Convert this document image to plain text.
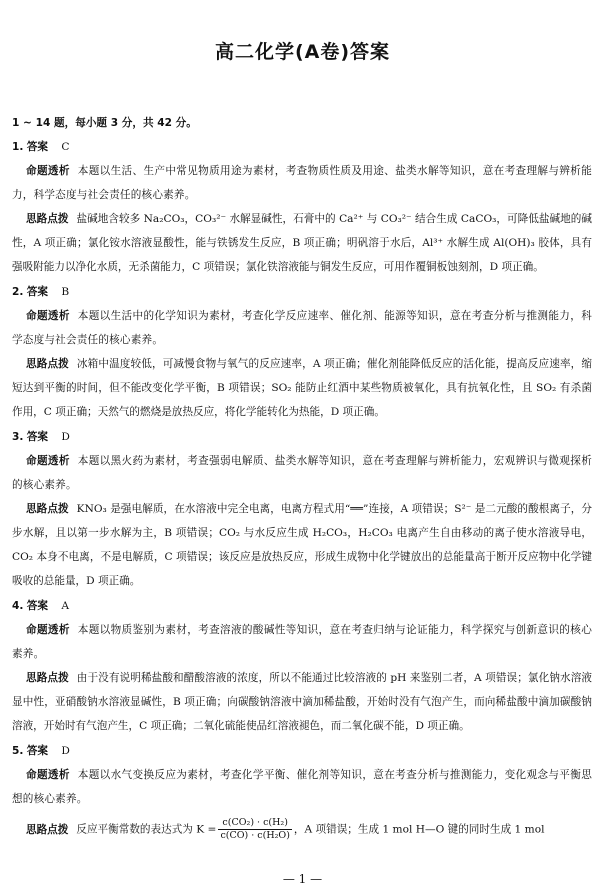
高二化学(A卷)答案
1 ~ 14 题，每小题 3 分，共 42 分。
1. 答案 C
命题透析 本题以生活、生产中常见物质用途为素材，考查物质性质及用途、盐类水解等知识，意在考查理解与辨析能力，科学态度与社会责任的核心素养。
思路点拨 盐碱地含较多 Na₂CO₃，CO₃²⁻ 水解显碱性，石膏中的 Ca²⁺ 与 CO₃²⁻ 结合生成 CaCO₃，可降低盐碱地的碱性，A 项正确；氯化铵水溶液显酸性，能与铁锈发生反应，B 项正确；明矾溶于水后，Al³⁺ 水解生成 Al(OH)₃ 胶体，具有强吸附能力以净化水质，无杀菌能力，C 项错误；氯化铁溶液能与铜发生反应，可用作覆铜板蚀刻剂，D 项正确。
2. 答案 B
命题透析 本题以生活中的化学知识为素材，考查化学反应速率、催化剂、能源等知识，意在考查分析与推测能力，科学态度与社会责任的核心素养。
思路点拨 冰箱中温度较低，可减慢食物与氧气的反应速率，A 项正确；催化剂能降低反应的活化能，提高反应速率，缩短达到平衡的时间，但不能改变化学平衡，B 项错误；SO₂ 能防止红酒中某些物质被氧化，具有抗氧化性，且 SO₂ 有杀菌作用，C 项正确；天然气的燃烧是放热反应，将化学能转化为热能，D 项正确。
3. 答案 D
命题透析 本题以黑火药为素材，考查强弱电解质、盐类水解等知识，意在考查理解与辨析能力，宏观辨识与微观探析的核心素养。
思路点拨 KNO₃ 是强电解质，在水溶液中完全电离，电离方程式用“══”连接，A 项错误；S²⁻ 是二元酸的酸根离子，分步水解，且以第一步水解为主，B 项错误；CO₂ 与水反应生成 H₂CO₃，H₂CO₃ 电离产生自由移动的离子使水溶液导电，CO₂ 本身不电离，不是电解质，C 项错误；该反应是放热反应，形成生成物中化学键放出的总能量高于断开反应物中化学键吸收的总能量，D 项正确。
4. 答案 A
命题透析 本题以物质鉴别为素材，考查溶液的酸碱性等知识，意在考查归纳与论证能力，科学探究与创新意识的核心素养。
思路点拨 由于没有说明稀盐酸和醋酸溶液的浓度，所以不能通过比较溶液的 pH 来鉴别二者，A 项错误；氯化钠水溶液显中性，亚硝酸钠水溶液显碱性，B 项正确；向碳酸钠溶液中滴加稀盐酸，开始时没有气泡产生，而向稀盐酸中滴加碳酸钠溶液，开始时有气泡产生，C 项正确；二氧化硫能使品红溶液褪色，而二氧化碳不能，D 项正确。
5. 答案 D
命题透析 本题以水气变换反应为素材，考查化学平衡、催化剂等知识，意在考查分析与推测能力，变化观念与平衡思想的核心素养。
思路点拨 反应平衡常数的表达式为 $K = \frac{\text{c(CO₂) · c(H₂)}}{\text{c(CO) · c(H₂O)}}$ ，A 项错误；生成 1 mol H—O 键的同时生成 1 mol
— 1 —
